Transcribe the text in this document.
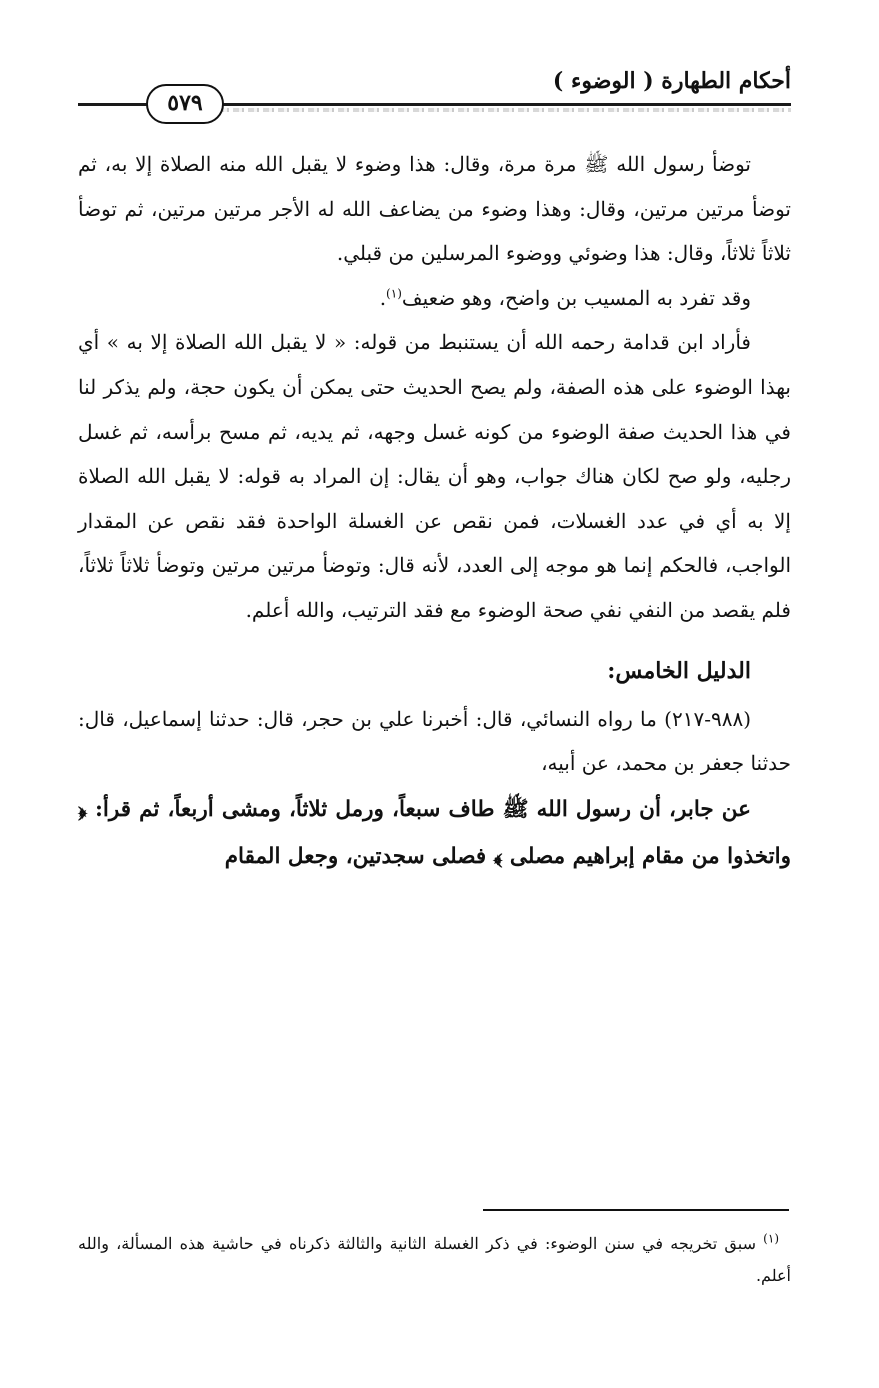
أحكام الطهارة ( الوضوء )
٥٧٩

توضأ رسول الله ﷺ مرة مرة، وقال: هذا وضوء لا يقبل الله منه الصلاة إلا به، ثم توضأ مرتين مرتين، وقال: وهذا وضوء من يضاعف الله له الأجر مرتين مرتين، ثم توضأ ثلاثاً ثلاثاً، وقال: هذا وضوئي ووضوء المرسلين من قبلي.

وقد تفرد به المسيب بن واضح، وهو ضعيف$^{(١)}$.

فأراد ابن قدامة رحمه الله أن يستنبط من قوله: « لا يقبل الله الصلاة إلا به » أي بهذا الوضوء على هذه الصفة، ولم يصح الحديث حتى يمكن أن يكون حجة، ولم يذكر لنا في هذا الحديث صفة الوضوء من كونه غسل وجهه، ثم يديه، ثم مسح برأسه، ثم غسل رجليه، ولو صح لكان هناك جواب، وهو أن يقال: إن المراد به قوله: لا يقبل الله الصلاة إلا به أي في عدد الغسلات، فمن نقص عن الغسلة الواحدة فقد نقص عن المقدار الواجب، فالحكم إنما هو موجه إلى العدد، لأنه قال: وتوضأ مرتين مرتين وتوضأ ثلاثاً ثلاثاً، فلم يقصد من النفي نفي صحة الوضوء مع فقد الترتيب، والله أعلم.

الدليل الخامس:

(٩٨٨-٢١٧) ما رواه النسائي، قال: أخبرنا علي بن حجر، قال: حدثنا إسماعيل، قال: حدثنا جعفر بن محمد، عن أبيه،

عن جابر، أن رسول الله ﷺ طاف سبعاً، ورمل ثلاثاً، ومشى أربعاً، ثم قرأ: ﴿ واتخذوا من مقام إبراهيم مصلى ﴾ فصلى سجدتين، وجعل المقام

$^{(١)}$ سبق تخريجه في سنن الوضوء: في ذكر الغسلة الثانية والثالثة ذكرناه في حاشية هذه المسألة، والله أعلم.
